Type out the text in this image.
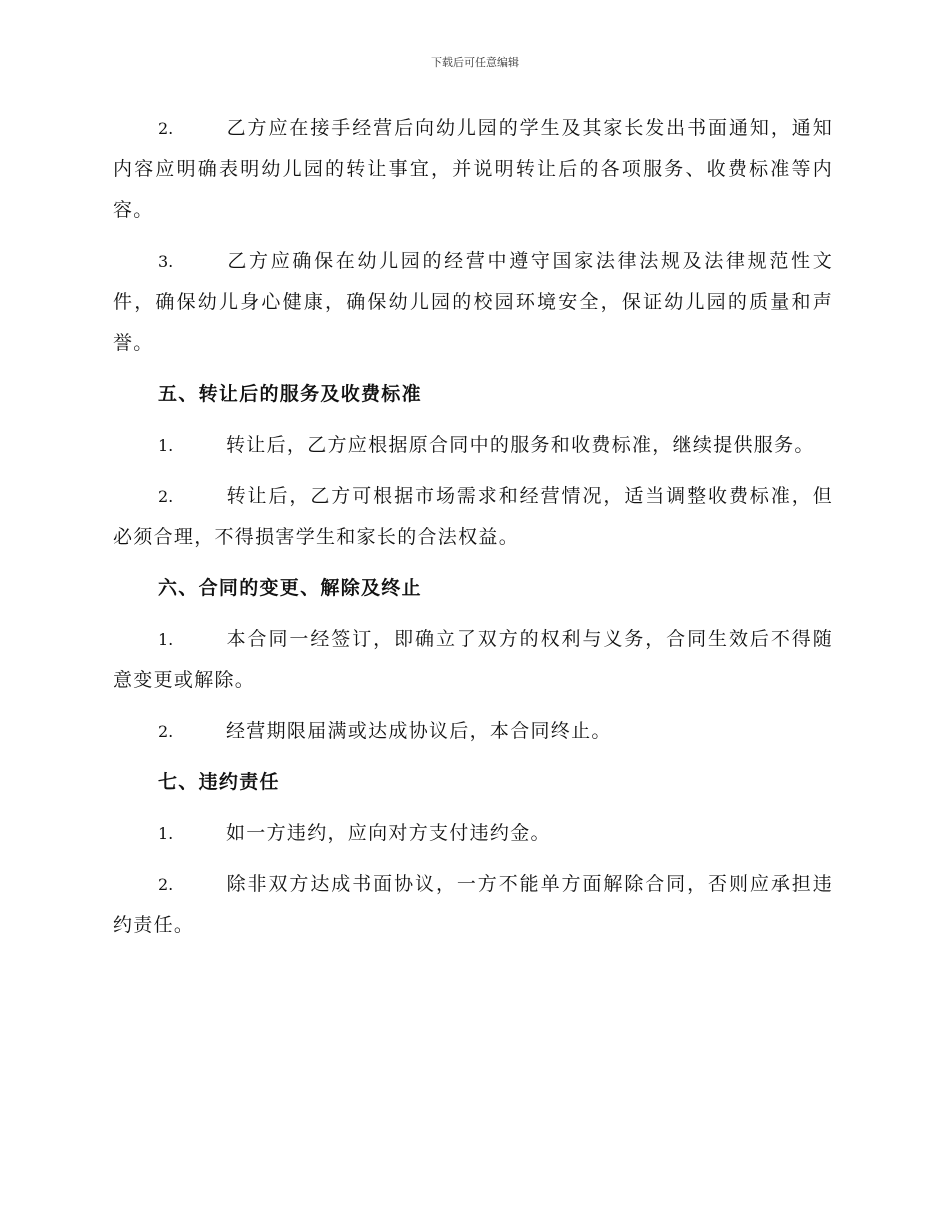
下载后可任意编辑

2.	乙方应在接手经营后向幼儿园的学生及其家长发出书面通知，通知内容应明确表明幼儿园的转让事宜，并说明转让后的各项服务、收费标准等内容。

3.	乙方应确保在幼儿园的经营中遵守国家法律法规及法律规范性文件，确保幼儿身心健康，确保幼儿园的校园环境安全，保证幼儿园的质量和声誉。

五、转让后的服务及收费标准

1.	转让后，乙方应根据原合同中的服务和收费标准，继续提供服务。

2.	转让后，乙方可根据市场需求和经营情况，适当调整收费标准，但必须合理，不得损害学生和家长的合法权益。

六、合同的变更、解除及终止

1.	本合同一经签订，即确立了双方的权利与义务，合同生效后不得随意变更或解除。

2.	经营期限届满或达成协议后，本合同终止。

七、违约责任

1.	如一方违约，应向对方支付违约金。

2.	除非双方达成书面协议，一方不能单方面解除合同，否则应承担违约责任。
